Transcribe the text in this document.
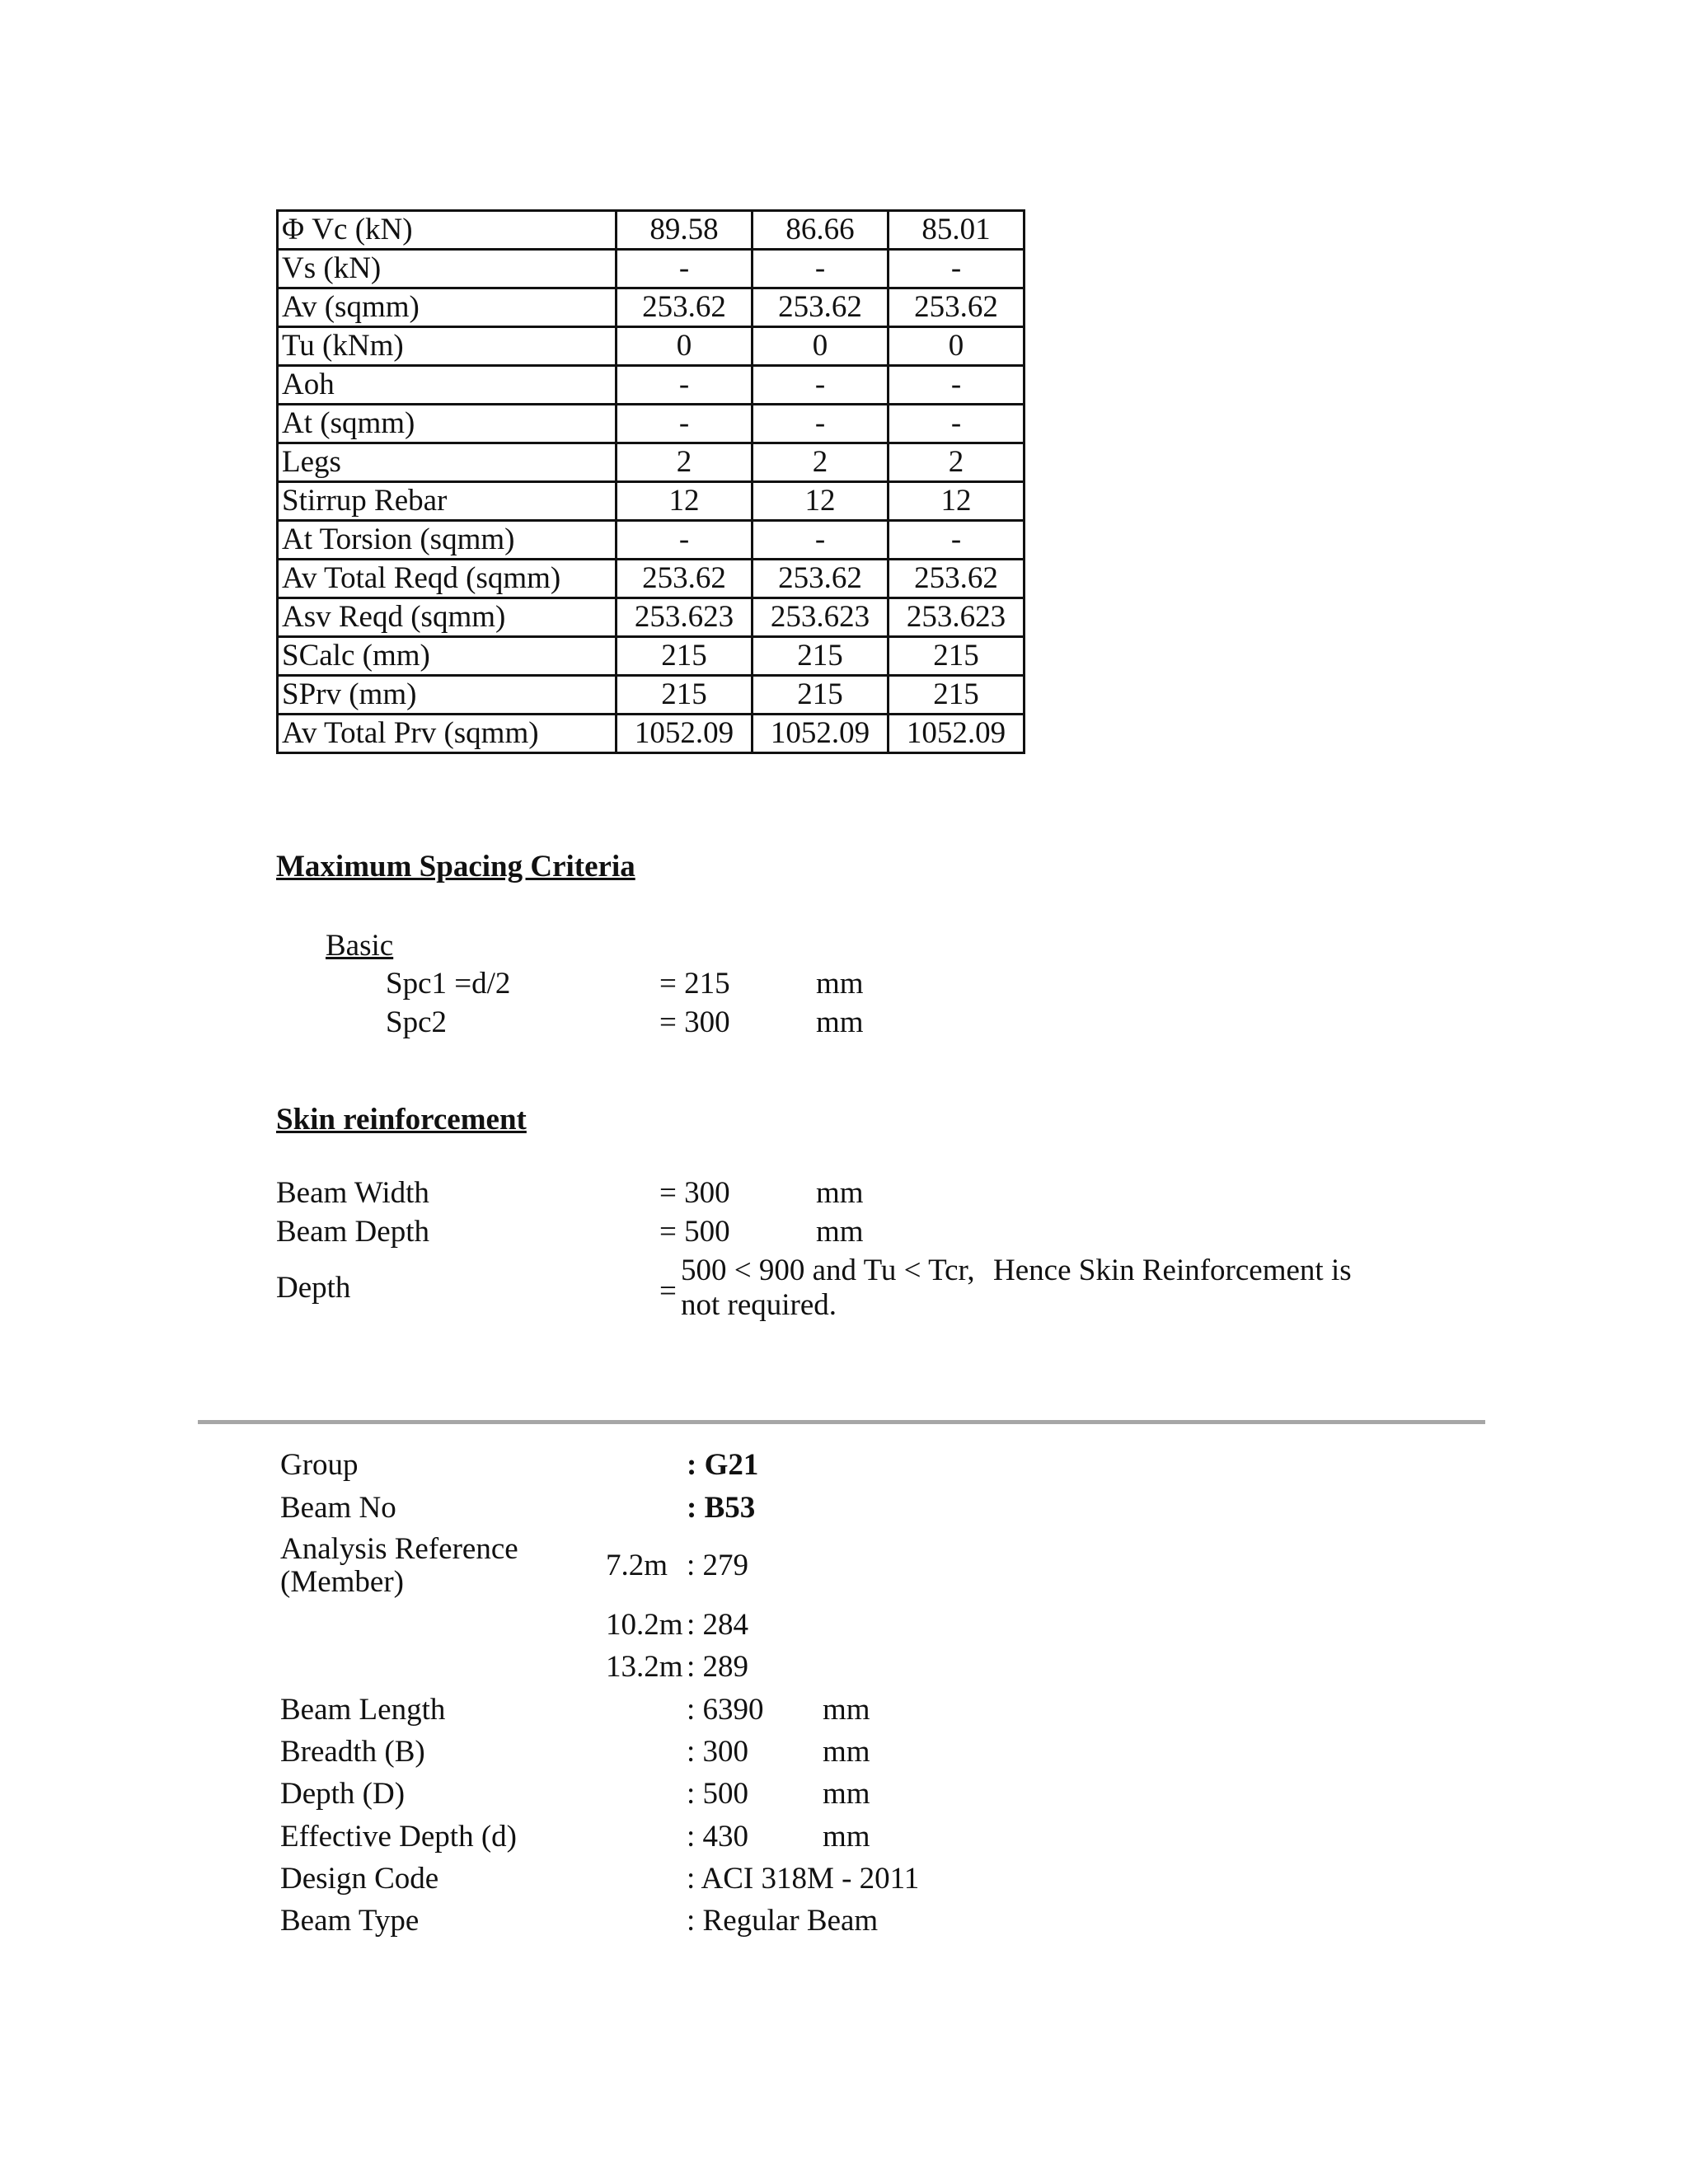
Φ Vc (kN)	89.58	86.66	85.01
Vs (kN)	-	-	-
Av (sqmm)	253.62	253.62	253.62
Tu (kNm)	0	0	0
Aoh	-	-	-
At (sqmm)	-	-	-
Legs	2	2	2
Stirrup Rebar	12	12	12
At Torsion (sqmm)	-	-	-
Av Total Reqd (sqmm)	253.62	253.62	253.62
Asv Reqd (sqmm)	253.623	253.623	253.623
SCalc (mm)	215	215	215
SPrv (mm)	215	215	215
Av Total Prv (sqmm)	1052.09	1052.09	1052.09
Maximum Spacing Criteria
Basic
Spc1 =d/2	= 215	mm
Spc2	= 300	mm
Skin reinforcement
Beam Width	= 300	mm
Beam Depth	= 500	mm
Depth	=
500 < 900 and Tu < Tcr, Hence Skin Reinforcement is
not required.
Group	: G21
Beam No	: B53
Analysis Reference
(Member)	7.2m : 279
10.2m : 284
13.2m : 289
Beam Length	: 6390 mm
Breadth (B)	: 300 mm
Depth (D)	: 500 mm
Effective Depth (d)	: 430 mm
Design Code	: ACI 318M - 2011
Beam Type	: Regular Beam
